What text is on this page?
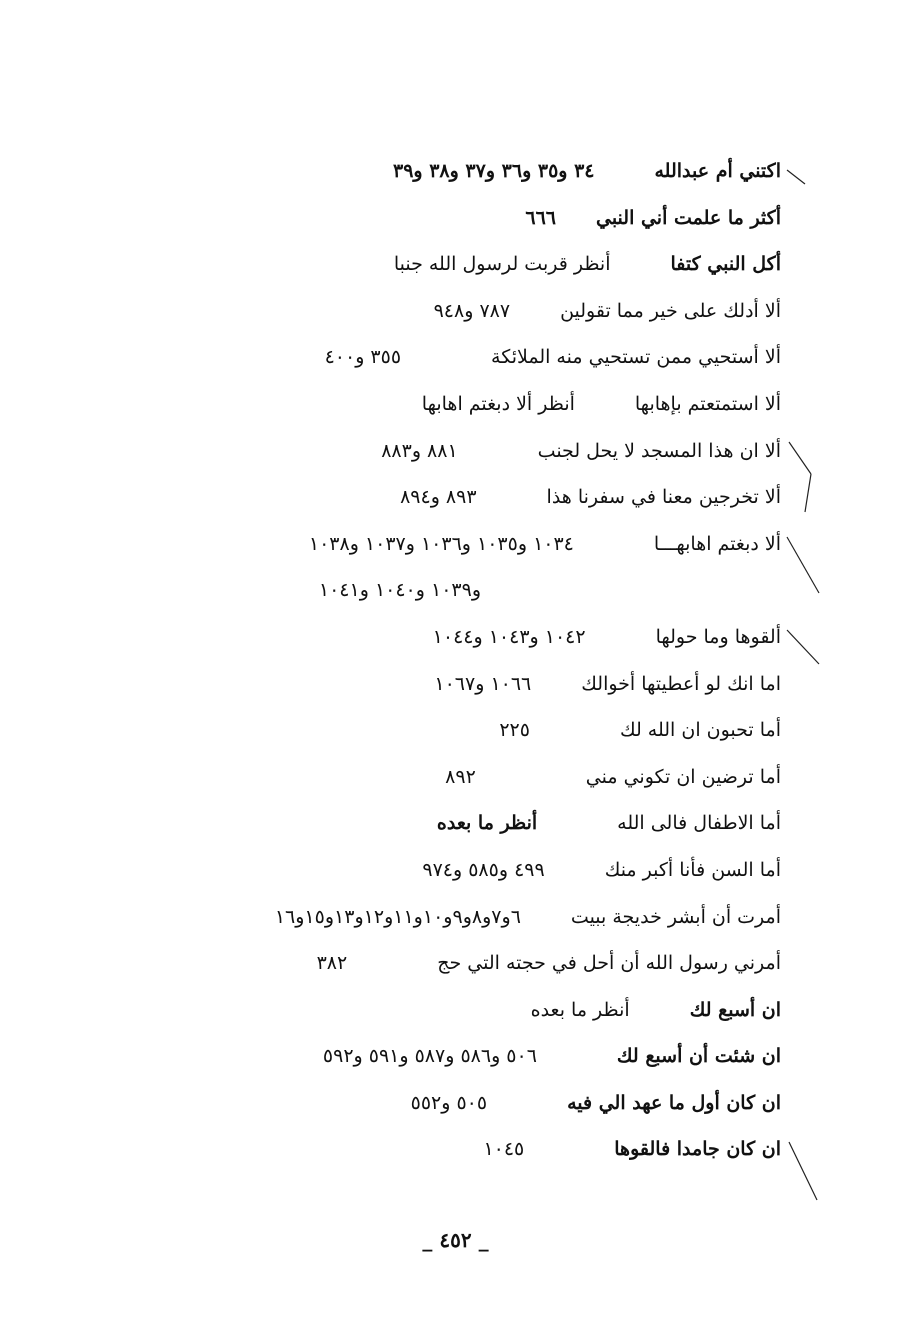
اكتني أم عبدالله
٣٤ و٣٥ و٣٦ و٣٧ و٣٨ و٣٩
أكثر ما علمت أني النبي
٦٦٦
أكل النبي كتفا
أنظر قربت لرسول الله جنبا
ألا أدلك على خير مما تقولين
٧٨٧ و٩٤٨
ألا أستحيي ممن تستحيي منه الملائكة
٣٥٥ و٤٠٠
ألا استمتعتم بإهابها
أنظر ألا دبغتم اهابها
ألا ان هذا المسجد لا يحل لجنب
٨٨١ و٨٨٣
ألا تخرجين معنا في سفرنا هذا
٨٩٣ و٨٩٤
ألا دبغتم اهابهـــا
١٠٣٤ و١٠٣٥ و١٠٣٦ و١٠٣٧ و١٠٣٨
و١٠٣٩ و١٠٤٠ و١٠٤١
ألقوها وما حولها
١٠٤٢ و١٠٤٣ و١٠٤٤
اما انك لو أعطيتها أخوالك
١٠٦٦ و١٠٦٧
أما تحبون ان الله لك
٢٢٥
أما ترضين ان تكوني مني
٨٩٢
أما الاطفال فالى الله
أنظر ما بعده
أما السن فأنا أكبر منك
٤٩٩ و٥٨٥ و٩٧٤
أمرت أن أبشر خديجة ببيت
٦و٧و٨و٩و١٠و١١و١٢و١٣و١٥و١٦
أمرني رسول الله أن أحل في حجته التي حج
٣٨٢
ان أسبع لك
أنظر ما بعده
ان شئت أن أسبع لك
٥٠٦ و٥٨٦ و٥٨٧ و٥٩١ و٥٩٢
ان كان أول ما عهد الي فيه
٥٠٥ و٥٥٢
ان كان جامدا فالقوها
١٠٤٥
_ ٤٥٢ _
